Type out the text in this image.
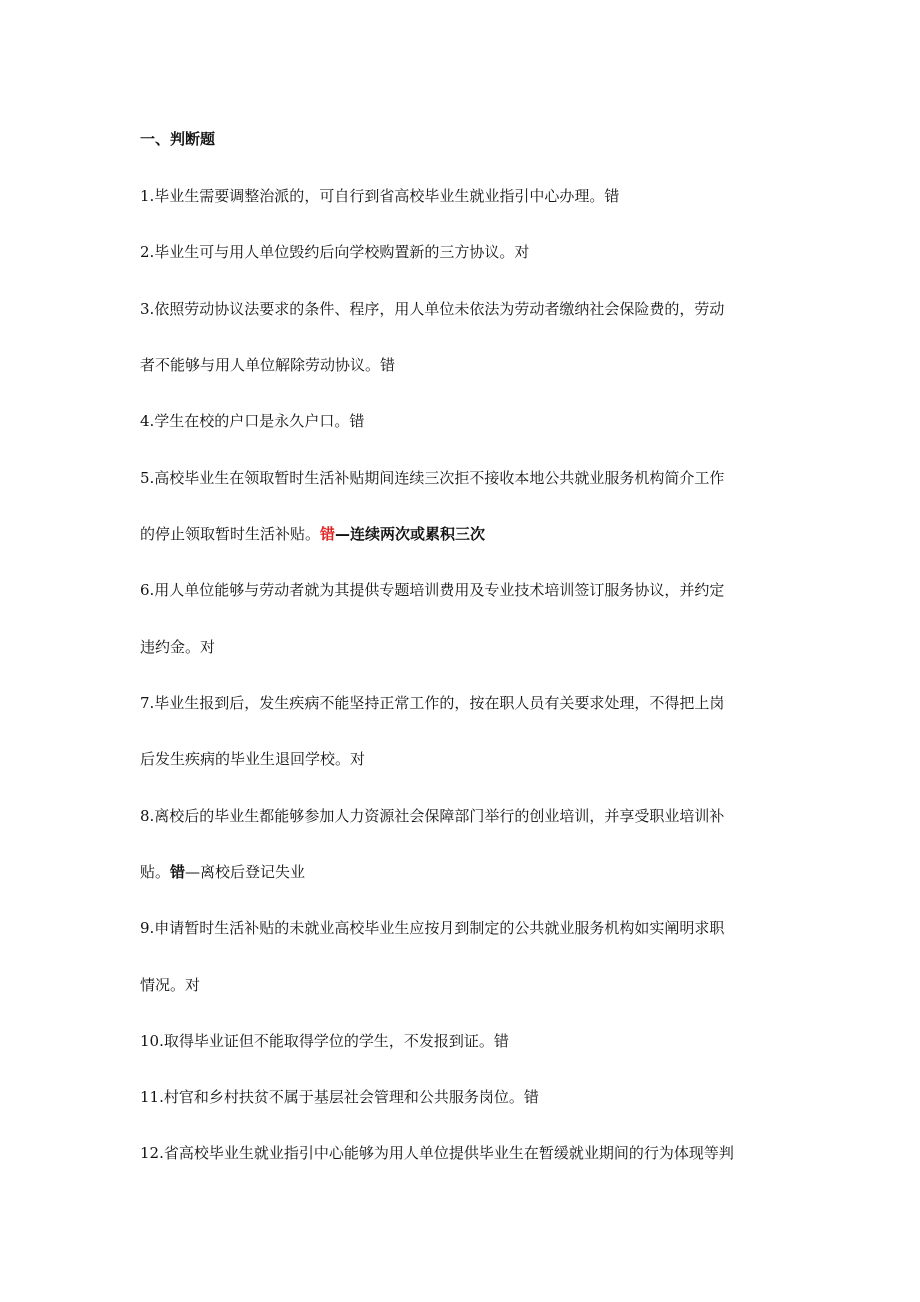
一、判断题
1.毕业生需要调整治派的，可自行到省高校毕业生就业指引中心办理。错
2.毕业生可与用人单位毁约后向学校购置新的三方协议。对
3.依照劳动协议法要求的条件、程序，用人单位未依法为劳动者缴纳社会保险费的，劳动
者不能够与用人单位解除劳动协议。错
4.学生在校的户口是永久户口。错
5.高校毕业生在领取暂时生活补贴期间连续三次拒不接收本地公共就业服务机构简介工作
的停止领取暂时生活补贴。错—连续两次或累积三次
6.用人单位能够与劳动者就为其提供专题培训费用及专业技术培训签订服务协议，并约定
违约金。对
7.毕业生报到后，发生疾病不能坚持正常工作的，按在职人员有关要求处理，不得把上岗
后发生疾病的毕业生退回学校。对
8.离校后的毕业生都能够参加人力资源社会保障部门举行的创业培训，并享受职业培训补
贴。错—离校后登记失业
9.申请暂时生活补贴的未就业高校毕业生应按月到制定的公共就业服务机构如实阐明求职
情况。对
10.取得毕业证但不能取得学位的学生，不发报到证。错
11.村官和乡村扶贫不属于基层社会管理和公共服务岗位。错
12.省高校毕业生就业指引中心能够为用人单位提供毕业生在暂缓就业期间的行为体现等判
